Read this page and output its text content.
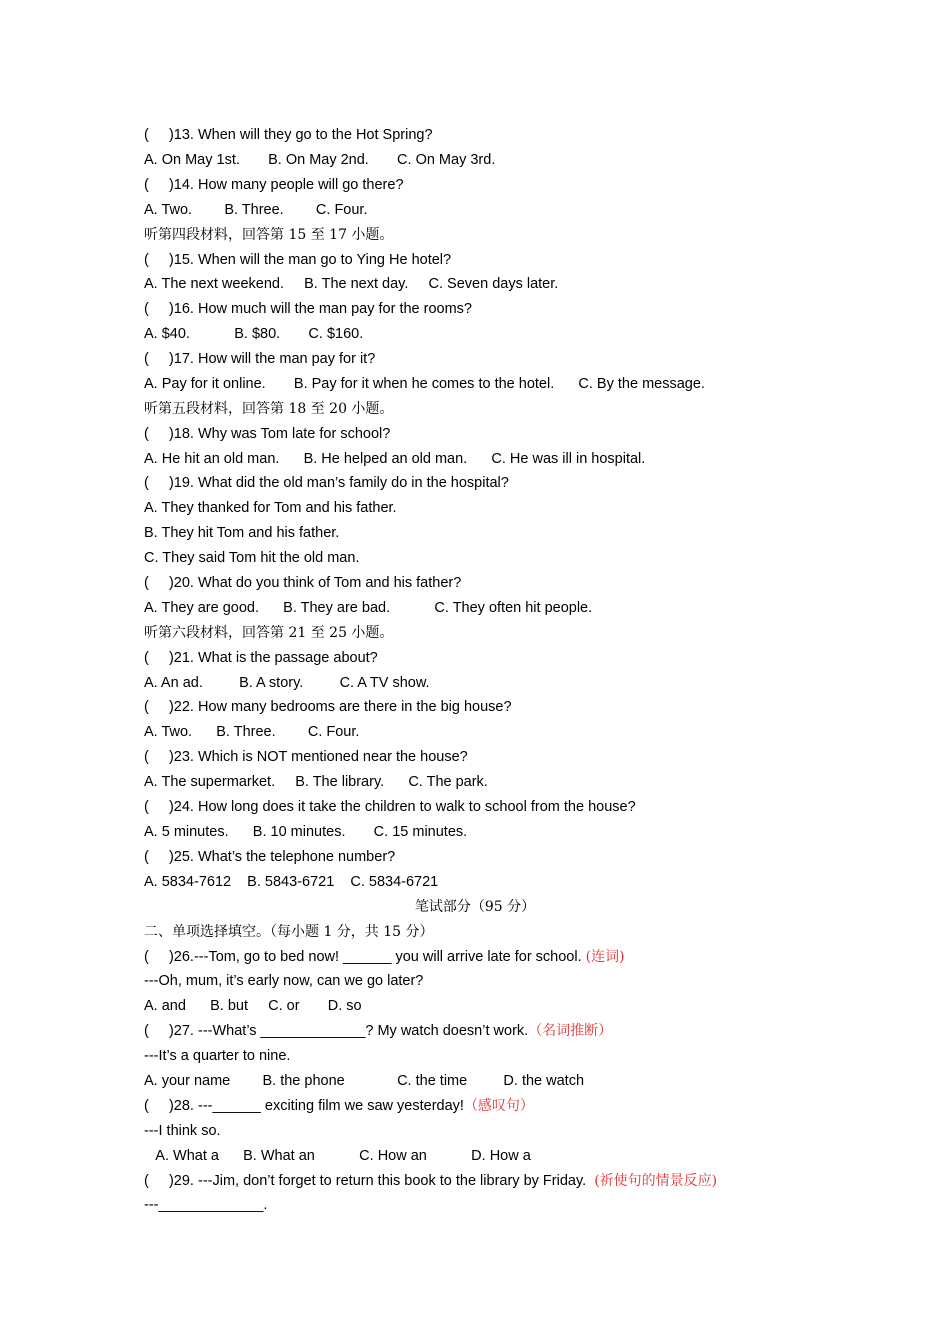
(     )13. When will they go to the Hot Spring?
A. On May 1st.       B. On May 2nd.       C. On May 3rd.
(     )14. How many people will go there?
A. Two.        B. Three.        C. Four.
听第四段材料，回答第 15 至 17 小题。
(     )15. When will the man go to Ying He hotel?
A. The next weekend.     B. The next day.     C. Seven days later.
(     )16. How much will the man pay for the rooms?
A. $40.           B. $80.       C. $160.
(     )17. How will the man pay for it?
A. Pay for it online.       B. Pay for it when he comes to the hotel.      C. By the message.
听第五段材料，回答第 18 至 20 小题。
(     )18. Why was Tom late for school?
A. He hit an old man.      B. He helped an old man.      C. He was ill in hospital.
(     )19. What did the old man’s family do in the hospital?
A. They thanked for Tom and his father.
B. They hit Tom and his father.
C. They said Tom hit the old man.
(     )20. What do you think of Tom and his father?
A. They are good.      B. They are bad.           C. They often hit people.
听第六段材料，回答第 21 至 25 小题。
(     )21. What is the passage about?
A. An ad.         B. A story.         C. A TV show.
(     )22. How many bedrooms are there in the big house?
A. Two.      B. Three.        C. Four.
(     )23. Which is NOT mentioned near the house?
A. The supermarket.     B. The library.      C. The park.
(     )24. How long does it take the children to walk to school from the house?
A. 5 minutes.      B. 10 minutes.       C. 15 minutes.
(     )25. What’s the telephone number?
A. 5834-7612    B. 5843-6721    C. 5834-6721
笔试部分（95 分）
二、单项选择填空。（每小题 1 分，共 15 分）
(     )26.---Tom, go to bed now! ______ you will arrive late for school. (连词)
---Oh, mum, it’s early now, can we go later?
A. and      B. but     C. or       D. so
(     )27. ---What’s _____________? My watch doesn’t work.（名词推断）
---It’s a quarter to nine.
A. your name        B. the phone             C. the time         D. the watch
(     )28. ---______ exciting film we saw yesterday!（感叹句）
---I think so.
A. What a      B. What an           C. How an           D. How a
(     )29. ---Jim, don’t forget to return this book to the library by Friday.  (祈使句的情景反应)
---_____________.
